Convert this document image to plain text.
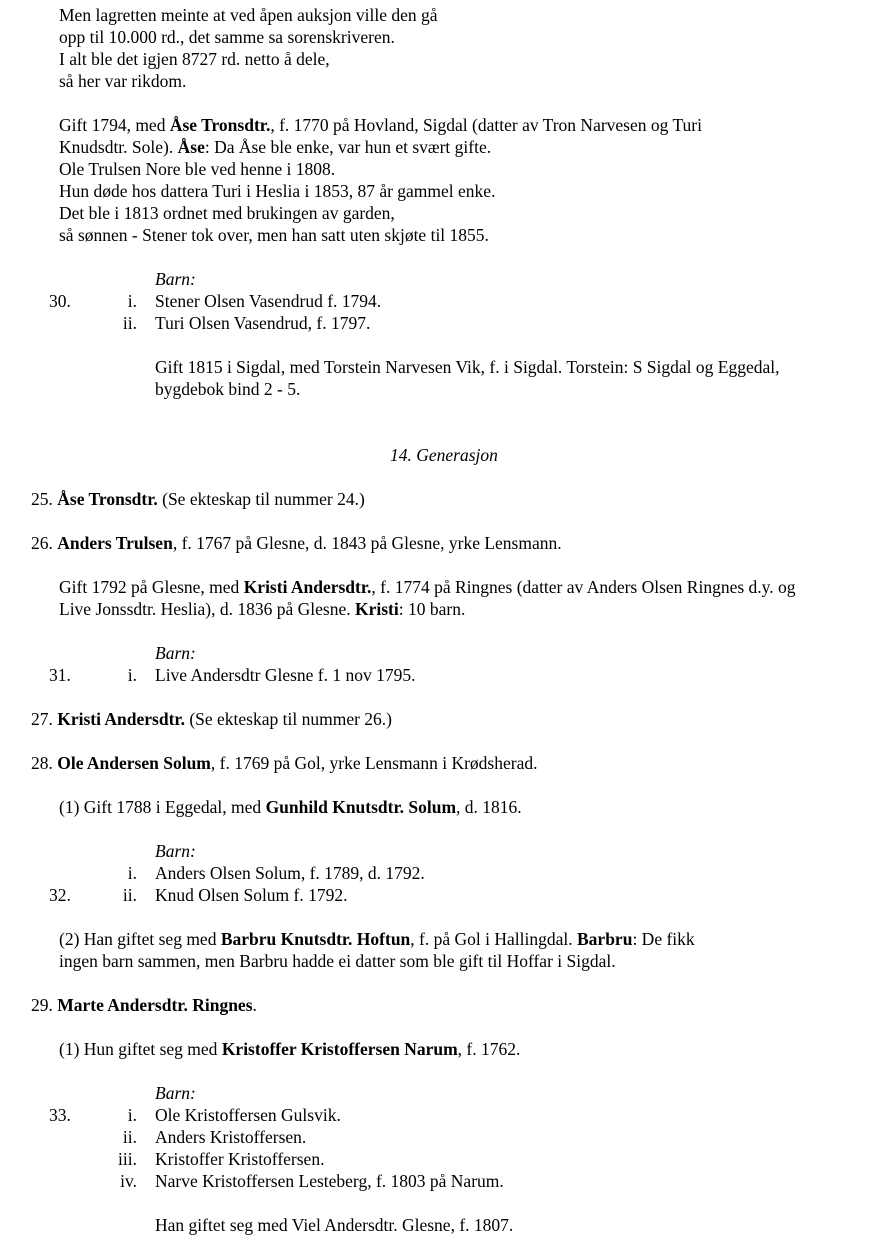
Men lagretten meinte at ved åpen auksjon ville den gå
opp til 10.000 rd., det samme sa sorenskriveren.
I alt ble det igjen 8727 rd. netto å dele,
så her var rikdom.
Gift 1794, med Åse Tronsdtr., f. 1770 på Hovland, Sigdal (datter av Tron Narvesen og Turi
Knudsdtr. Sole). Åse: Da Åse ble enke, var hun et svært gifte.
Ole Trulsen Nore ble ved henne i 1808.
Hun døde hos dattera Turi i Heslia i 1853, 87 år gammel enke.
Det ble i 1813 ordnet med brukingen av garden,
så sønnen - Stener tok over, men han satt uten skjøte til 1855.
Barn:
30.	i. Stener Olsen Vasendrud f. 1794.
ii. Turi Olsen Vasendrud, f. 1797.
Gift 1815 i Sigdal, med Torstein Narvesen Vik, f. i Sigdal. Torstein: S Sigdal og Eggedal,
bygdebok bind 2 - 5.
14. Generasjon
25. Åse Tronsdtr. (Se ekteskap til nummer 24.)
26. Anders Trulsen, f. 1767 på Glesne, d. 1843 på Glesne, yrke Lensmann.
Gift 1792 på Glesne, med Kristi Andersdtr., f. 1774 på Ringnes (datter av Anders Olsen Ringnes d.y. og
Live Jonssdtr. Heslia), d. 1836 på Glesne. Kristi: 10 barn.
Barn:
31.	i. Live Andersdtr Glesne f. 1 nov 1795.
27. Kristi Andersdtr. (Se ekteskap til nummer 26.)
28. Ole Andersen Solum, f. 1769 på Gol, yrke Lensmann i Krødsherad.
(1) Gift 1788 i Eggedal, med Gunhild Knutsdtr. Solum, d. 1816.
Barn:
i. Anders Olsen Solum, f. 1789, d. 1792.
32.	ii. Knud Olsen Solum f. 1792.
(2) Han giftet seg med Barbru Knutsdtr. Hoftun, f. på Gol i Hallingdal. Barbru: De fikk
ingen barn sammen, men Barbru hadde ei datter som ble gift til Hoffar i Sigdal.
29. Marte Andersdtr. Ringnes.
(1) Hun giftet seg med Kristoffer Kristoffersen Narum, f. 1762.
Barn:
33.	i. Ole Kristoffersen Gulsvik.
ii. Anders Kristoffersen.
iii. Kristoffer Kristoffersen.
iv. Narve Kristoffersen Lesteberg, f. 1803 på Narum.
Han giftet seg med Viel Andersdtr. Glesne, f. 1807.
